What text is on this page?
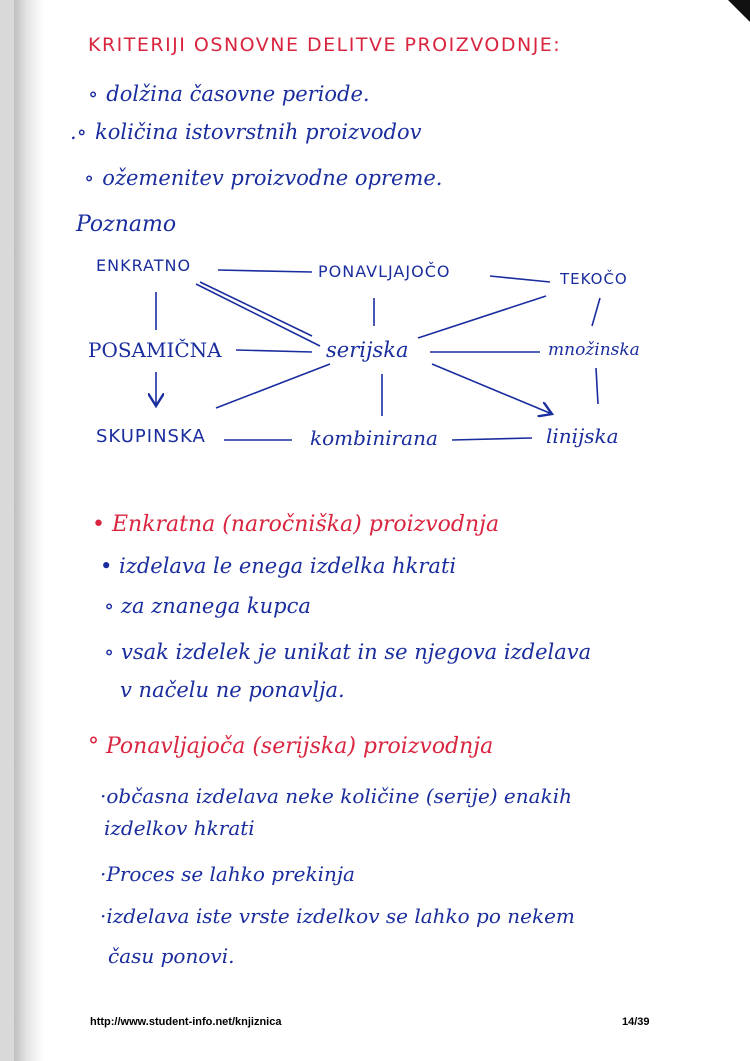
KRITERIJI OSNOVNE DELITVE PROIZVODNJE:
∘ dolžina časovne periode.
.∘ količina istovrstnih proizvodov
∘ ožemenitev proizvodne opreme.
Poznamo
ENKRATNO	PONAVLJAJOČO	TEKOČO
POSAMIČNA	serijska	množinska
SKUPINSKA	kombinirana	linijska
• Enkratna (naročniška) proizvodnja
• izdelava le enega izdelka hkrati
∘ za znanega kupca
∘ vsak izdelek je unikat in se njegova izdelava
v načelu ne ponavlja.
° Ponavljajoča (serijska) proizvodnja
·občasna izdelava neke količine (serije) enakih
izdelkov hkrati
·Proces se lahko prekinja
·izdelava iste vrste izdelkov se lahko po nekem
času ponovi.
http://www.student-info.net/knjiznica	14/39
